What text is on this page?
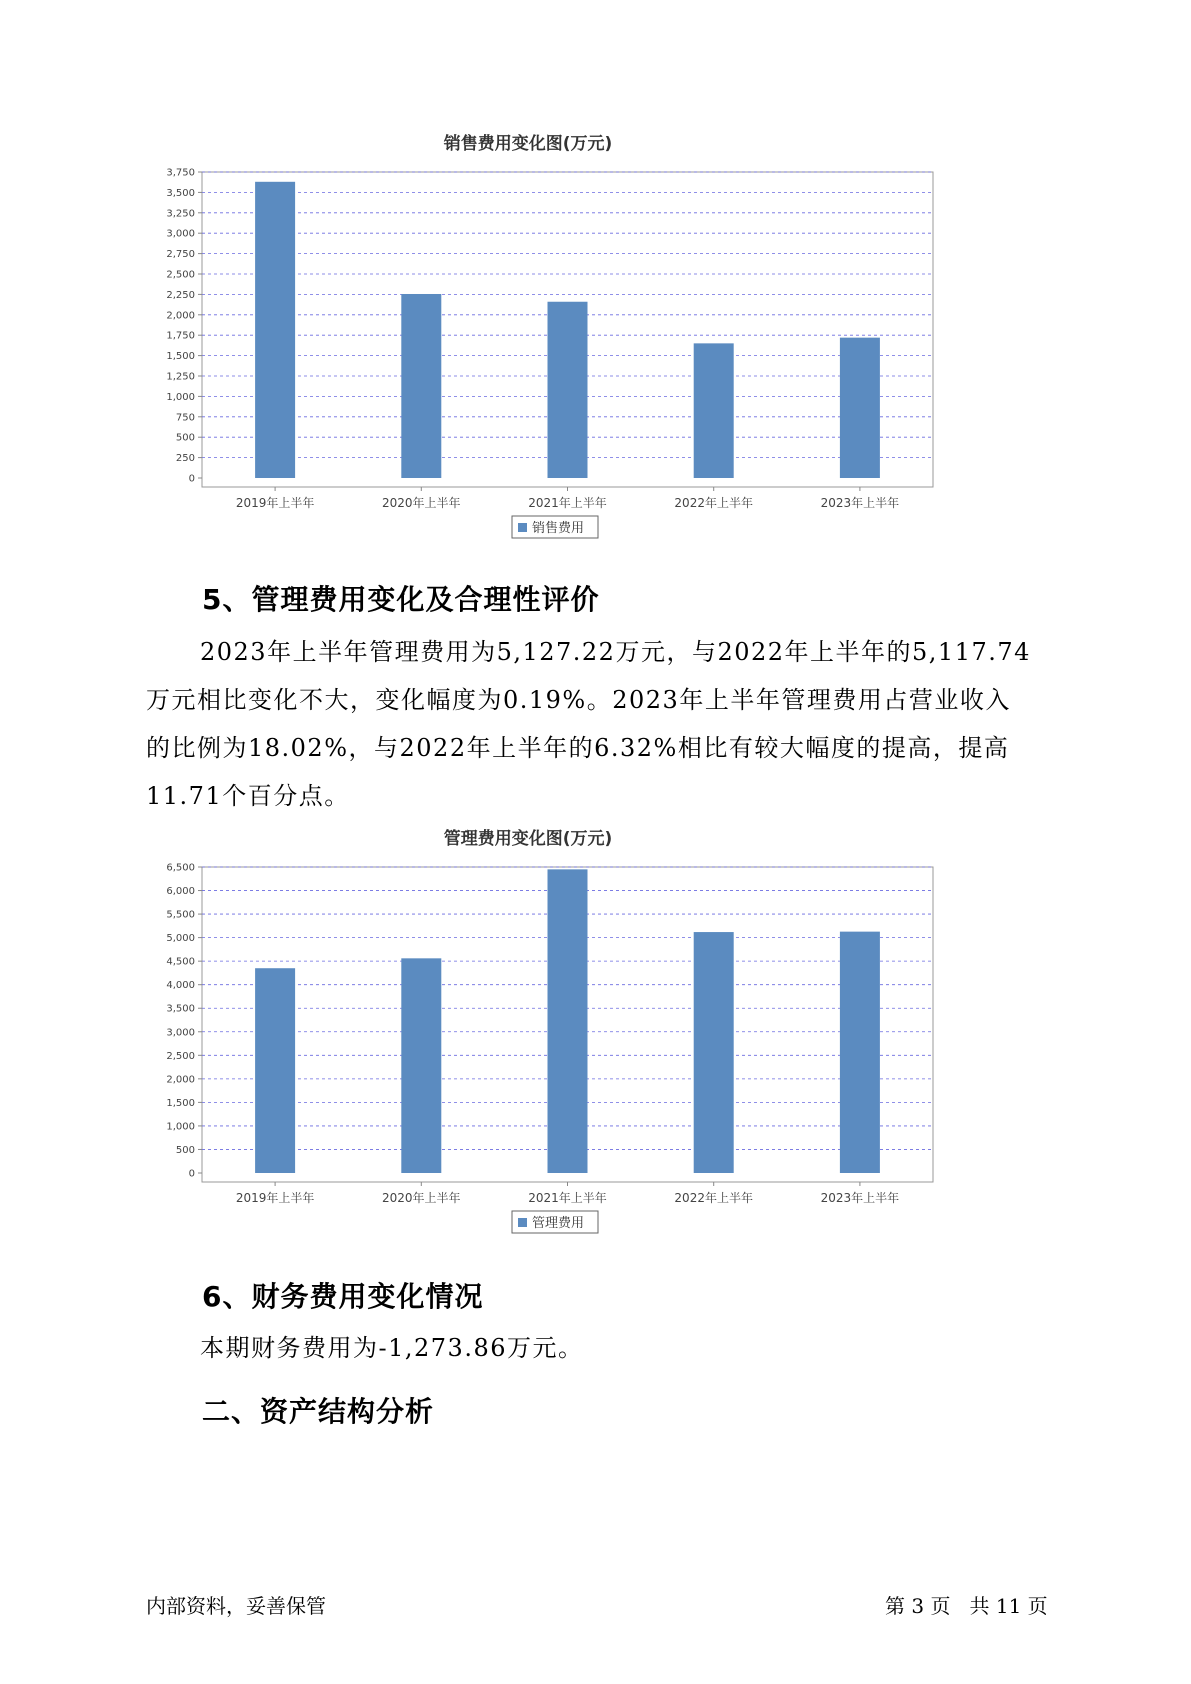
销售费用变化图(万元)
0
250
500
750
1,000
1,250
1,500
1,750
2,000
2,250
2,500
2,750
3,000
3,250
3,500
3,750
2019年上半年	2020年上半年	2021年上半年	2022年上半年	2023年上半年
销售费用
5、管理费用变化及合理性评价

2023年上半年管理费用为5,127.22万元，与2022年上半年的5,117.74
万元相比变化不大，变化幅度为0.19%。2023年上半年管理费用占营业收入
的比例为18.02%，与2022年上半年的6.32%相比有较大幅度的提高，提高
11.71个百分点。

管理费用变化图(万元)
0
500
1,000
1,500
2,000
2,500
3,000
3,500
4,000
4,500
5,000
5,500
6,000
6,500
2019年上半年	2020年上半年	2021年上半年	2022年上半年	2023年上半年
管理费用
6、财务费用变化情况

本期财务费用为-1,273.86万元。

二、资产结构分析
内部资料，妥善保管	第 3 页   共 11 页
